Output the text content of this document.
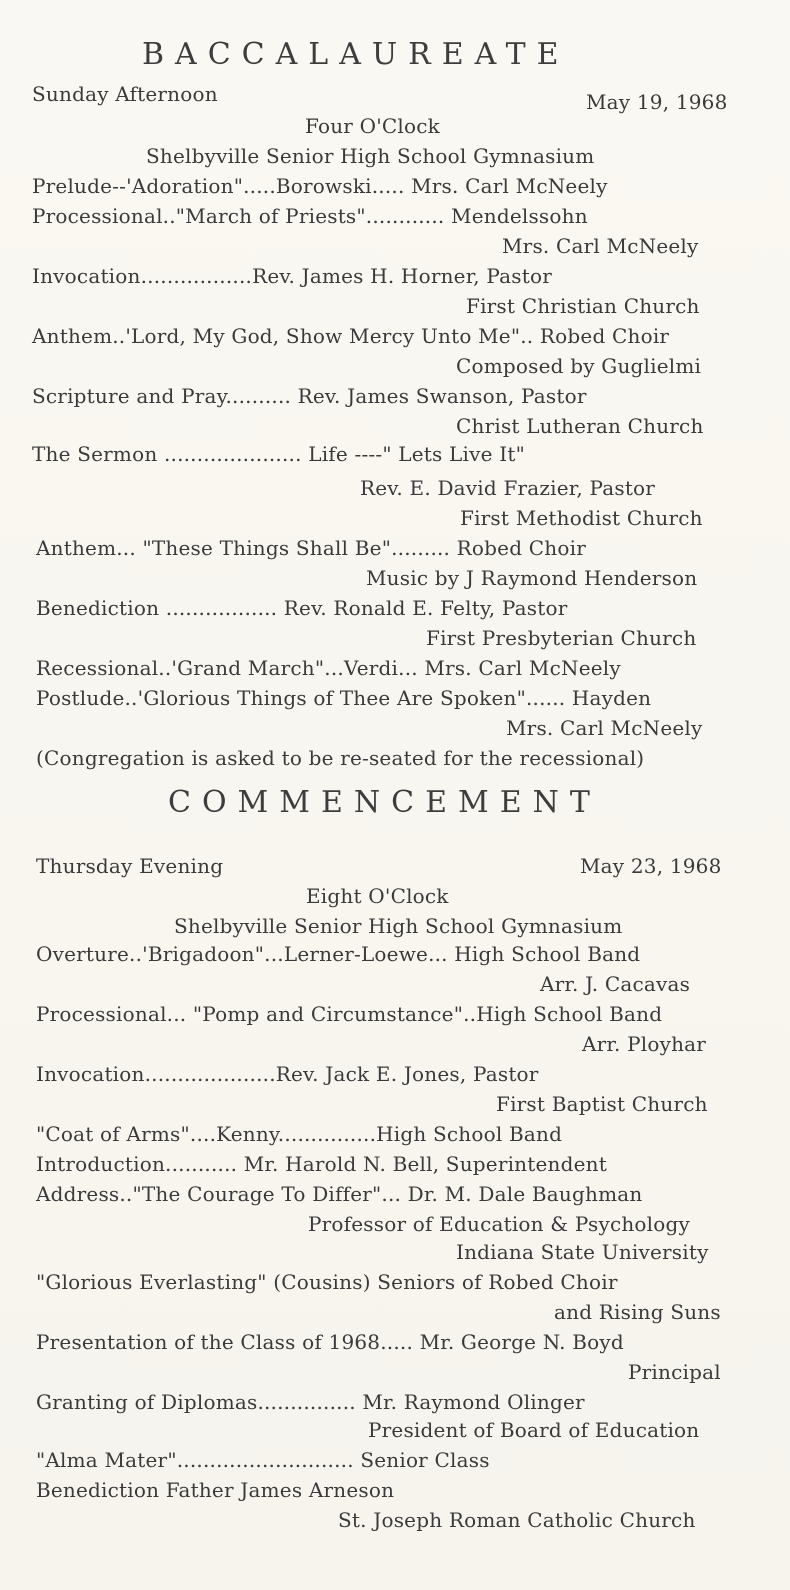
BACCALAUREATE
Sunday Afternoon	May 19, 1968
Four O'Clock
Shelbyville Senior High School Gymnasium
Prelude--'Adoration".....Borowski..... Mrs. Carl McNeely
Processional.."March of Priests"............ Mendelssohn
Mrs. Carl McNeely
Invocation.................Rev. James H. Horner, Pastor
First Christian Church
Anthem..'Lord, My God, Show Mercy Unto Me".. Robed Choir
Composed by Guglielmi
Scripture and Pray.......... Rev. James Swanson, Pastor
Christ Lutheran Church
The Sermon ..................... Life ----" Lets Live It"
Rev. E. David Frazier, Pastor
First Methodist Church
Anthem... "These Things Shall Be"......... Robed Choir
Music by J Raymond Henderson
Benediction ................. Rev. Ronald E. Felty, Pastor
First Presbyterian Church
Recessional..'Grand March"...Verdi... Mrs. Carl McNeely
Postlude..'Glorious Things of Thee Are Spoken"...... Hayden
Mrs. Carl McNeely
(Congregation is asked to be re-seated for the recessional)
COMMENCEMENT
Thursday Evening	May 23, 1968
Eight O'Clock
Shelbyville Senior High School Gymnasium
Overture..'Brigadoon"...Lerner-Loewe... High School Band
Arr. J. Cacavas
Processional... "Pomp and Circumstance"..High School Band
Arr. Ployhar
Invocation....................Rev. Jack E. Jones, Pastor
First Baptist Church
"Coat of Arms"....Kenny...............High School Band
Introduction........... Mr. Harold N. Bell, Superintendent
Address.."The Courage To Differ"... Dr. M. Dale Baughman
Professor of Education & Psychology
Indiana State University
"Glorious Everlasting" (Cousins) Seniors of Robed Choir
and Rising Suns
Presentation of the Class of 1968..... Mr. George N. Boyd
Principal
Granting of Diplomas............... Mr. Raymond Olinger
President of Board of Education
"Alma Mater"........................... Senior Class
Benediction Father James Arneson
St. Joseph Roman Catholic Church
